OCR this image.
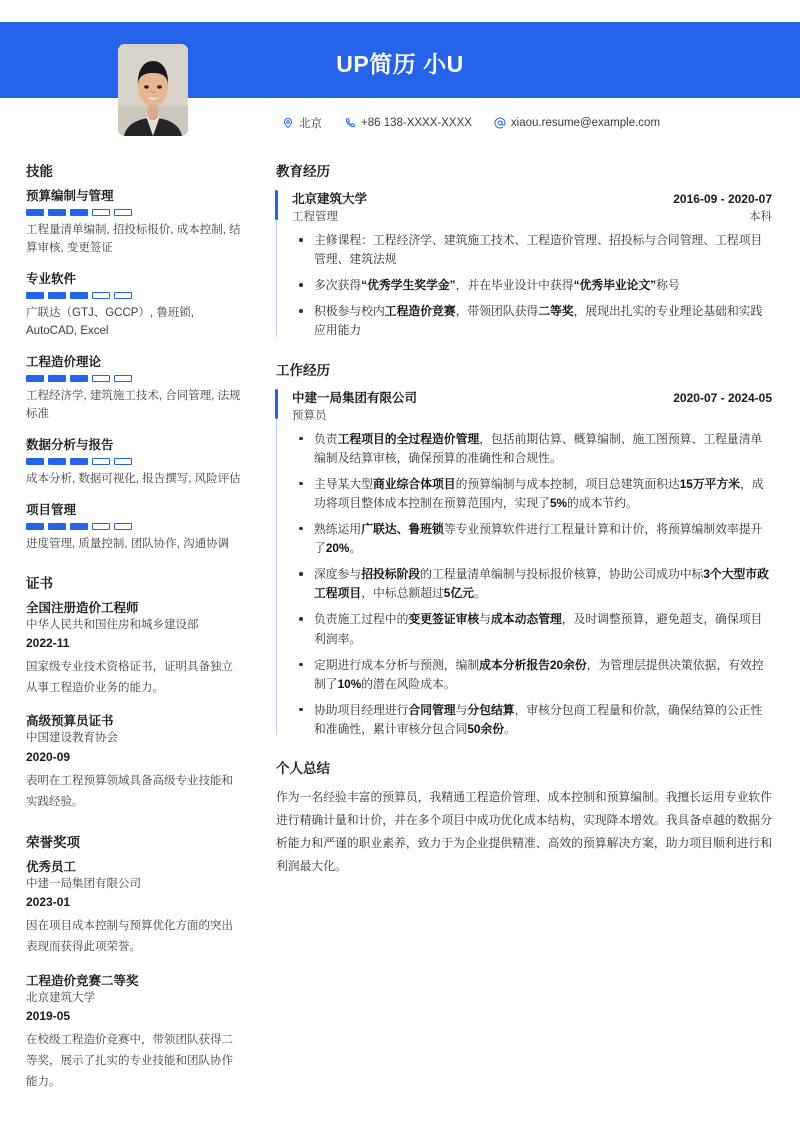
UP简历 小U
北京	+86 138-XXXX-XXXX	xiaou.resume@example.com
技能
预算编制与管理
工程量清单编制, 招投标报价, 成本控制, 结算审核, 变更签证
专业软件
广联达（GTJ、GCCP）, 鲁班锁, AutoCAD, Excel
工程造价理论
工程经济学, 建筑施工技术, 合同管理, 法规标准
数据分析与报告
成本分析, 数据可视化, 报告撰写, 风险评估
项目管理
进度管理, 质量控制, 团队协作, 沟通协调
证书
全国注册造价工程师
中华人民共和国住房和城乡建设部
2022-11
国家级专业技术资格证书，证明具备独立从事工程造价业务的能力。
高级预算员证书
中国建设教育协会
2020-09
表明在工程预算领域具备高级专业技能和实践经验。
荣誉奖项
优秀员工
中建一局集团有限公司
2023-01
因在项目成本控制与预算优化方面的突出表现而获得此项荣誉。
工程造价竞赛二等奖
北京建筑大学
2019-05
在校级工程造价竞赛中，带领团队获得二等奖，展示了扎实的专业技能和团队协作能力。
教育经历
北京建筑大学	2016-09 - 2020-07
工程管理	本科
主修课程：工程经济学、建筑施工技术、工程造价管理、招投标与合同管理、工程项目管理、建筑法规
多次获得“优秀学生奖学金”，并在毕业设计中获得“优秀毕业论文”称号
积极参与校内工程造价竞赛，带领团队获得二等奖，展现出扎实的专业理论基础和实践应用能力
工作经历
中建一局集团有限公司	2020-07 - 2024-05
预算员
负责工程项目的全过程造价管理，包括前期估算、概算编制、施工图预算、工程量清单编制及结算审核，确保预算的准确性和合规性。
主导某大型商业综合体项目的预算编制与成本控制，项目总建筑面积达15万平方米，成功将项目整体成本控制在预算范围内，实现了5%的成本节约。
熟练运用广联达、鲁班锁等专业预算软件进行工程量计算和计价，将预算编制效率提升了20%。
深度参与招投标阶段的工程量清单编制与投标报价核算，协助公司成功中标3个大型市政工程项目，中标总额超过5亿元。
负责施工过程中的变更签证审核与成本动态管理，及时调整预算，避免超支，确保项目利润率。
定期进行成本分析与预测，编制成本分析报告20余份，为管理层提供决策依据，有效控制了10%的潜在风险成本。
协助项目经理进行合同管理与分包结算，审核分包商工程量和价款，确保结算的公正性和准确性，累计审核分包合同50余份。
个人总结

作为一名经验丰富的预算员，我精通工程造价管理、成本控制和预算编制。我擅长运用专业软件进行精确计量和计价，并在多个项目中成功优化成本结构，实现降本增效。我具备卓越的数据分析能力和严谨的职业素养，致力于为企业提供精准、高效的预算解决方案，助力项目顺利进行和利润最大化。
